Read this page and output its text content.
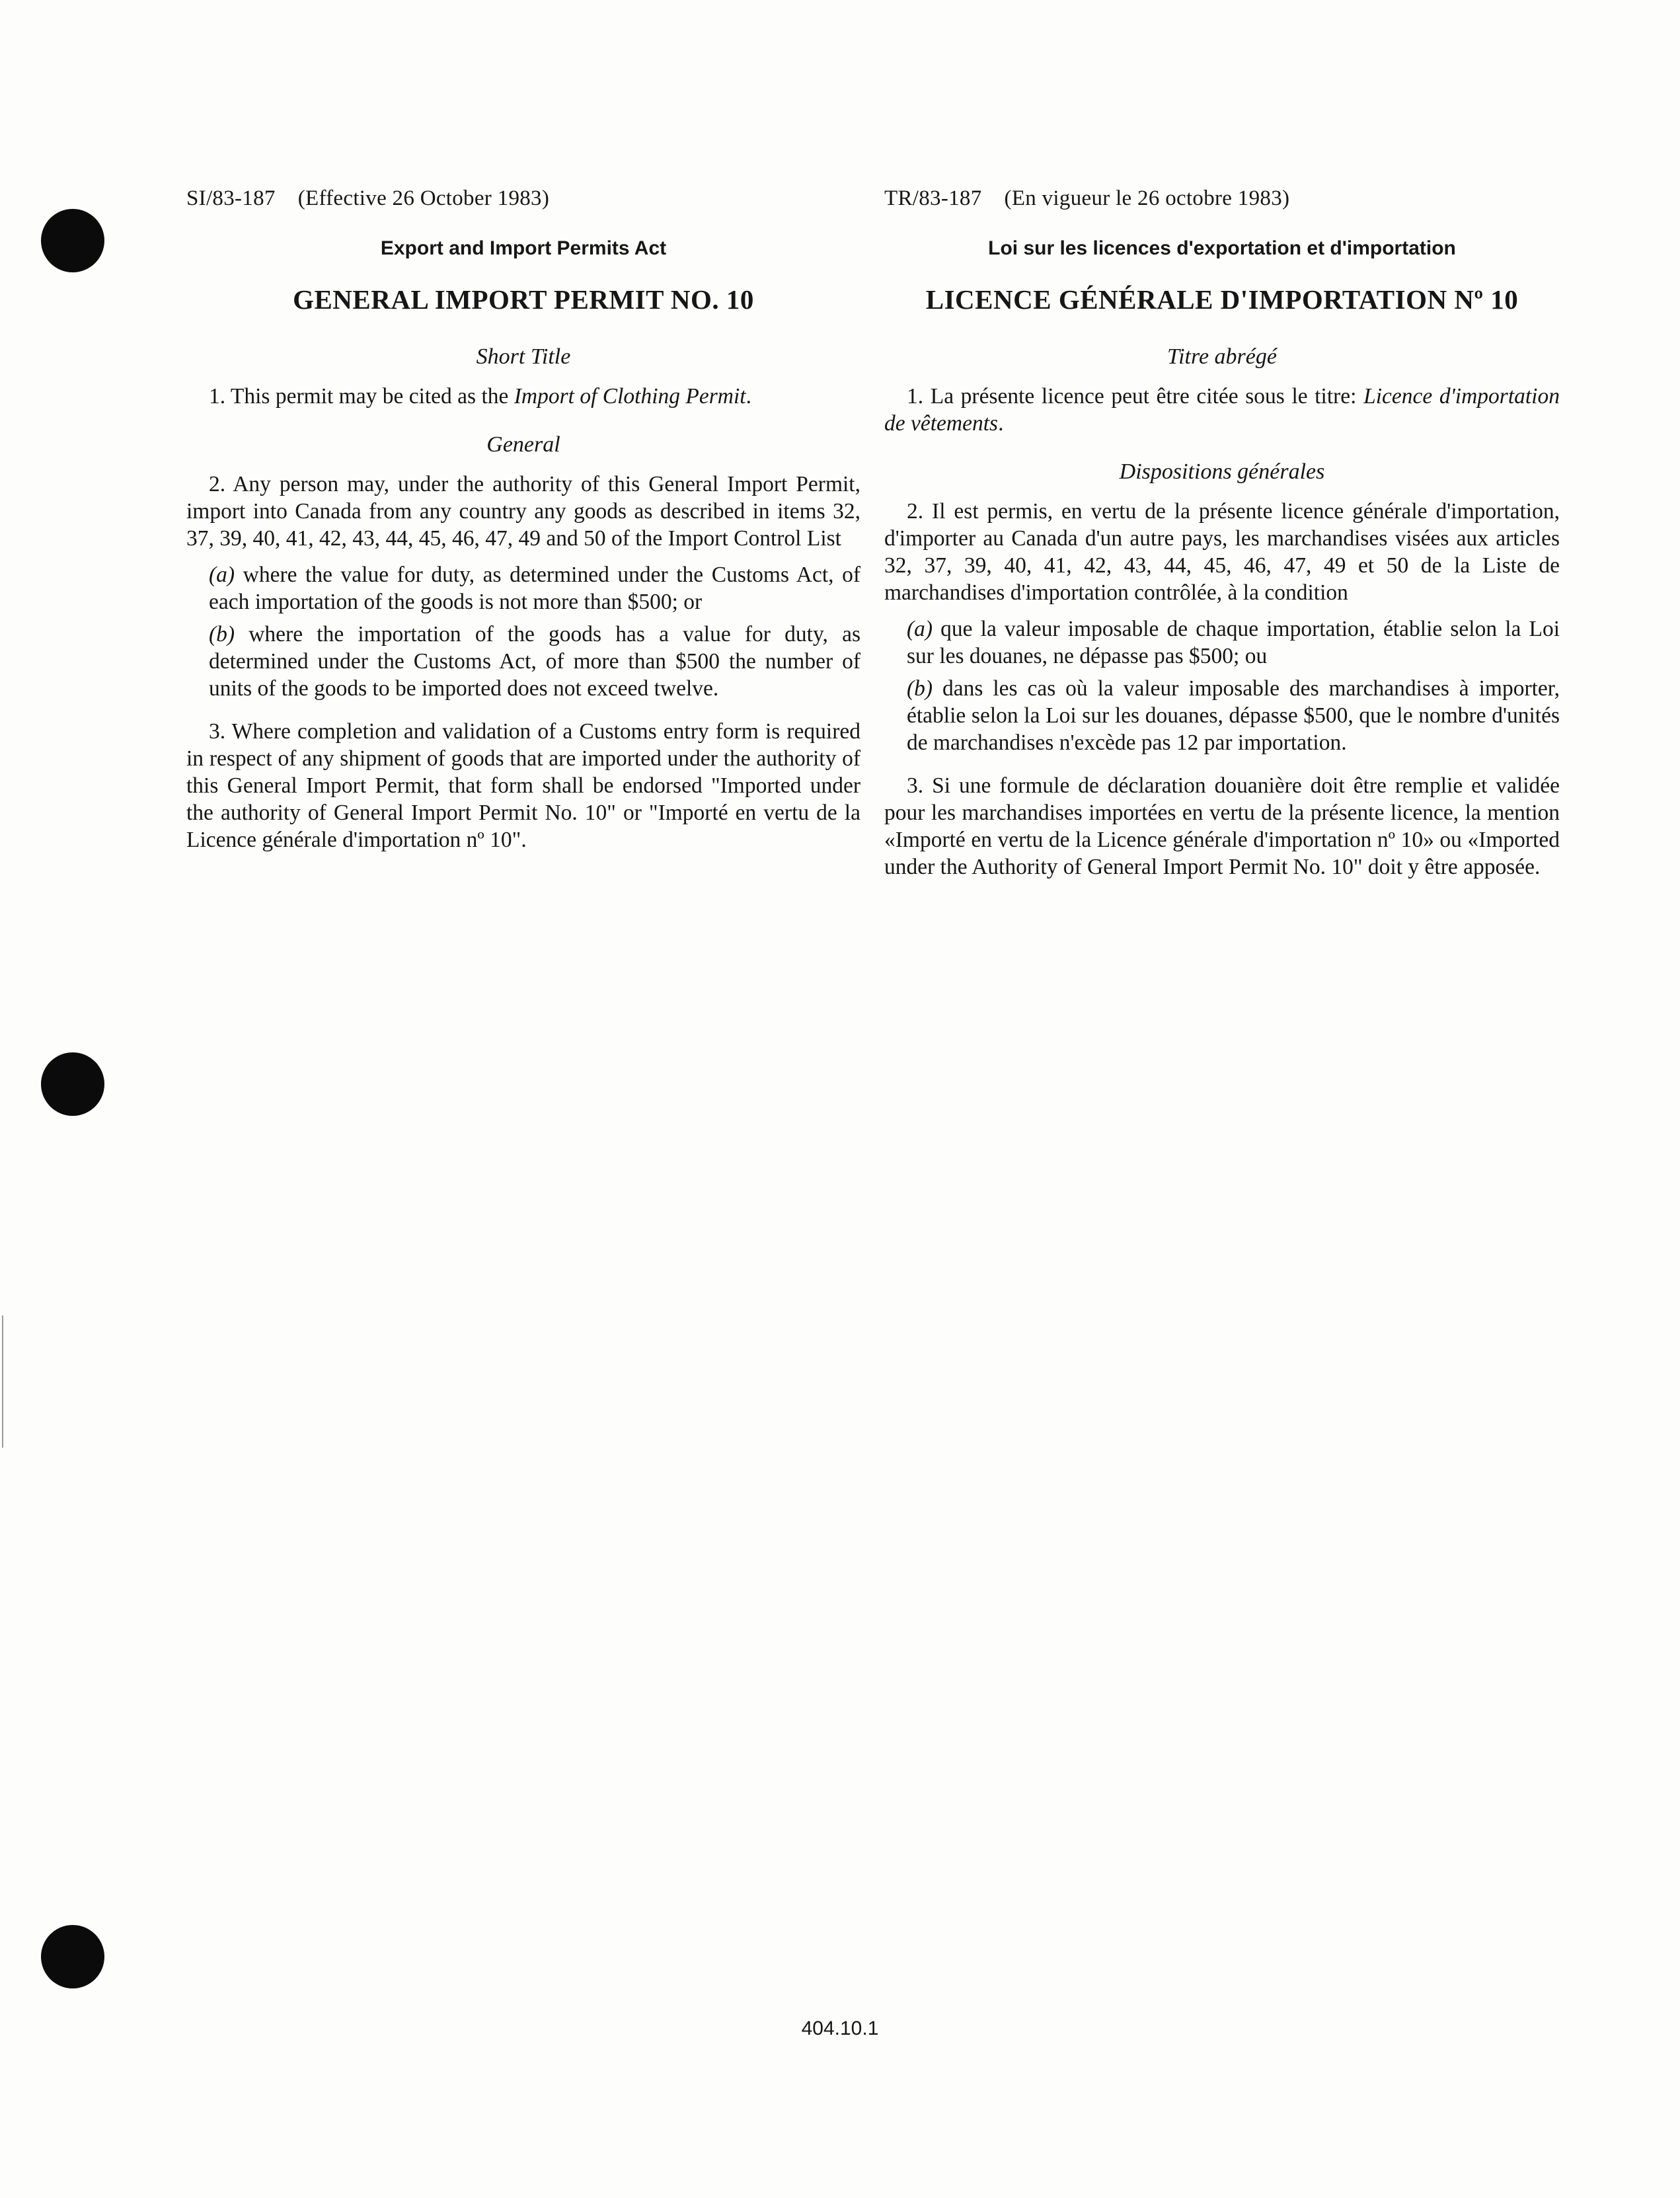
SI/83-187 (Effective 26 October 1983)

Export and Import Permits Act

GENERAL IMPORT PERMIT NO. 10

Short Title

1. This permit may be cited as the Import of Clothing Permit.

General

2. Any person may, under the authority of this General Import Permit, import into Canada from any country any goods as described in items 32, 37, 39, 40, 41, 42, 43, 44, 45, 46, 47, 49 and 50 of the Import Control List

(a) where the value for duty, as determined under the Customs Act, of each importation of the goods is not more than $500; or

(b) where the importation of the goods has a value for duty, as determined under the Customs Act, of more than $500 the number of units of the goods to be imported does not exceed twelve.

3. Where completion and validation of a Customs entry form is required in respect of any shipment of goods that are imported under the authority of this General Import Permit, that form shall be endorsed "Imported under the authority of General Import Permit No. 10" or "Importé en vertu de la Licence générale d'importation nº 10".

TR/83-187 (En vigueur le 26 octobre 1983)

Loi sur les licences d'exportation et d'importation

LICENCE GÉNÉRALE D'IMPORTATION Nº 10

Titre abrégé

1. La présente licence peut être citée sous le titre: Licence d'importation de vêtements.

Dispositions générales

2. Il est permis, en vertu de la présente licence générale d'importation, d'importer au Canada d'un autre pays, les marchandises visées aux articles 32, 37, 39, 40, 41, 42, 43, 44, 45, 46, 47, 49 et 50 de la Liste de marchandises d'importation contrôlée, à la condition

(a) que la valeur imposable de chaque importation, établie selon la Loi sur les douanes, ne dépasse pas $500; ou

(b) dans les cas où la valeur imposable des marchandises à importer, établie selon la Loi sur les douanes, dépasse $500, que le nombre d'unités de marchandises n'excède pas 12 par importation.

3. Si une formule de déclaration douanière doit être remplie et validée pour les marchandises importées en vertu de la présente licence, la mention «Importé en vertu de la Licence générale d'importation nº 10» ou «Imported under the Authority of General Import Permit No. 10" doit y être apposée.

404.10.1
